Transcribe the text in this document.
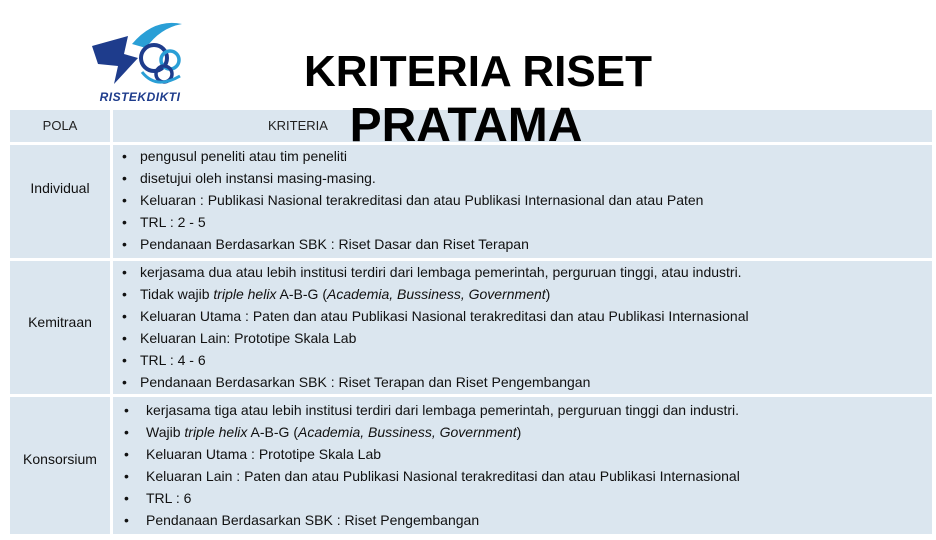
RISTEKDIKTI
KRITERIA RISET
POLA	KRITERIA
Individual
• pengusul peneliti atau tim peneliti
• disetujui oleh instansi masing-masing.
• Keluaran : Publikasi Nasional terakreditasi dan atau Publikasi Internasional dan atau Paten
• TRL : 2 - 5
• Pendanaan Berdasarkan SBK : Riset Dasar dan Riset Terapan
Kemitraan
• kerjasama dua atau lebih institusi terdiri dari lembaga pemerintah, perguruan tinggi, atau industri.
• Tidak wajib triple helix A-B-G (Academia, Bussiness, Government)
• Keluaran Utama : Paten dan atau Publikasi Nasional terakreditasi dan atau Publikasi Internasional
• Keluaran Lain: Prototipe Skala Lab
• TRL : 4 - 6
• Pendanaan Berdasarkan SBK : Riset Terapan dan Riset Pengembangan
Konsorsium
• kerjasama tiga atau lebih institusi terdiri dari lembaga pemerintah, perguruan tinggi dan industri.
• Wajib triple helix A-B-G (Academia, Bussiness, Government)
• Keluaran Utama : Prototipe Skala Lab
• Keluaran Lain : Paten dan atau Publikasi Nasional terakreditasi dan atau Publikasi Internasional
• TRL : 6
• Pendanaan Berdasarkan SBK : Riset Pengembangan
PRATAMA
